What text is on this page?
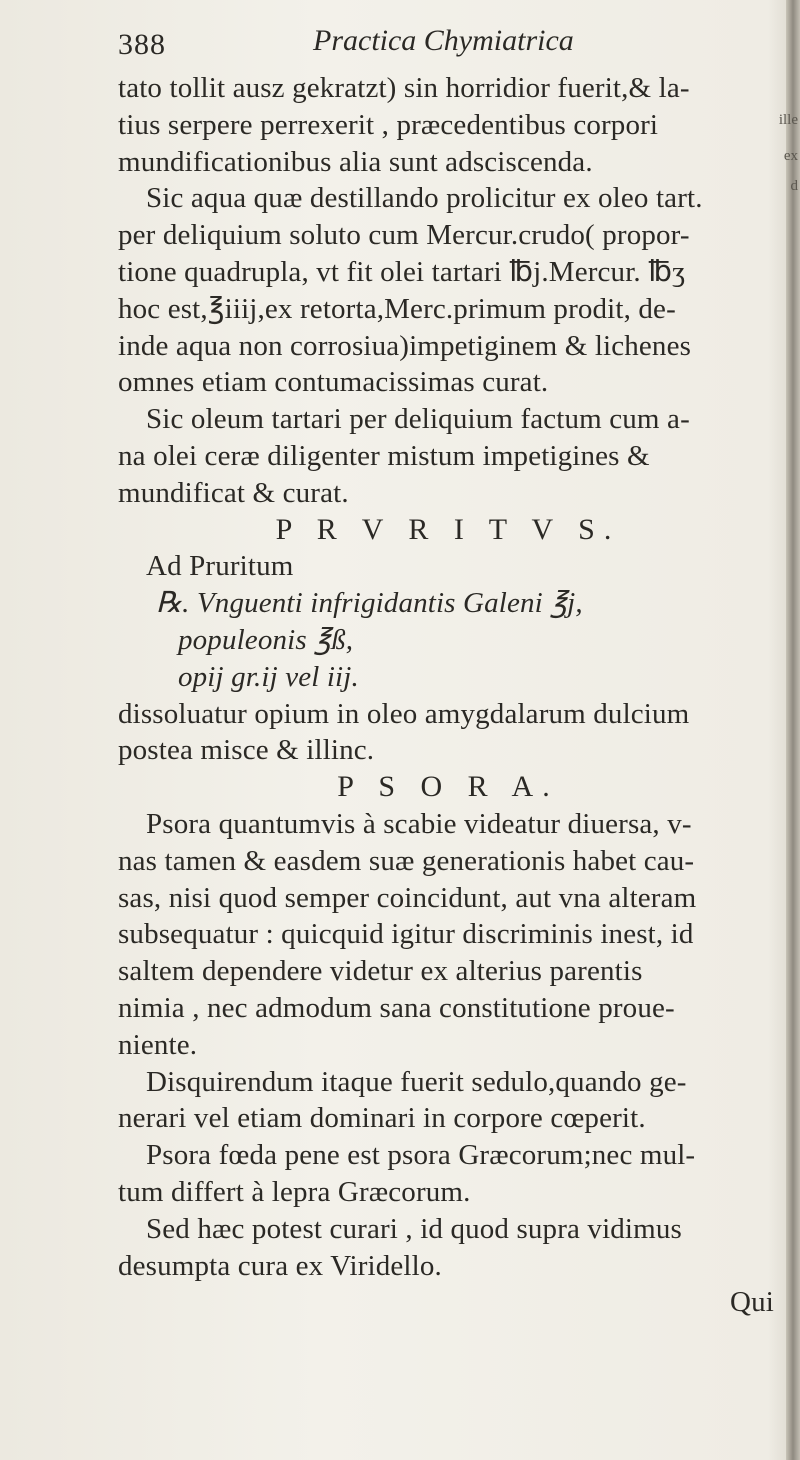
ille
ex
d
388	Practica Chymiatrica
tato tollit ausz gekratzt) sin horridior fuerit,& la-
tius serpere perrexerit , præcedentibus corpori
mundificationibus alia sunt adsciscenda.
Sic aqua quæ destillando prolicitur ex oleo tart.
per deliquium soluto cum Mercur.crudo( propor-
tione quadrupla, vt fit olei tartari ℔j.Mercur. ℔ʒ
hoc est,℥iiij,ex retorta,Merc.primum prodit, de-
inde aqua non corrosiua)impetiginem & lichenes
omnes etiam contumacissimas curat.
Sic oleum tartari per deliquium factum cum a-
na olei ceræ diligenter mistum impetigines &
mundificat & curat.
P R V R I T V S.
Ad Pruritum
℞. Vnguenti infrigidantis Galeni ℥j,
populeonis ℥ß,
opij gr.ij vel iij.
dissoluatur opium in oleo amygdalarum dulcium
postea misce & illinc.
P S O R A.
Psora quantumvis à scabie videatur diuersa, v-
nas tamen & easdem suæ generationis habet cau-
sas, nisi quod semper coincidunt, aut vna alteram
subsequatur : quicquid igitur discriminis inest, id
saltem dependere videtur ex alterius parentis
nimia , nec admodum sana constitutione proue-
niente.
Disquirendum itaque fuerit sedulo,quando ge-
nerari vel etiam dominari in corpore cœperit.
Psora fœda pene est psora Græcorum;nec mul-
tum differt à lepra Græcorum.
Sed hæc potest curari , id quod supra vidimus
desumpta cura ex Viridello.
Qui
